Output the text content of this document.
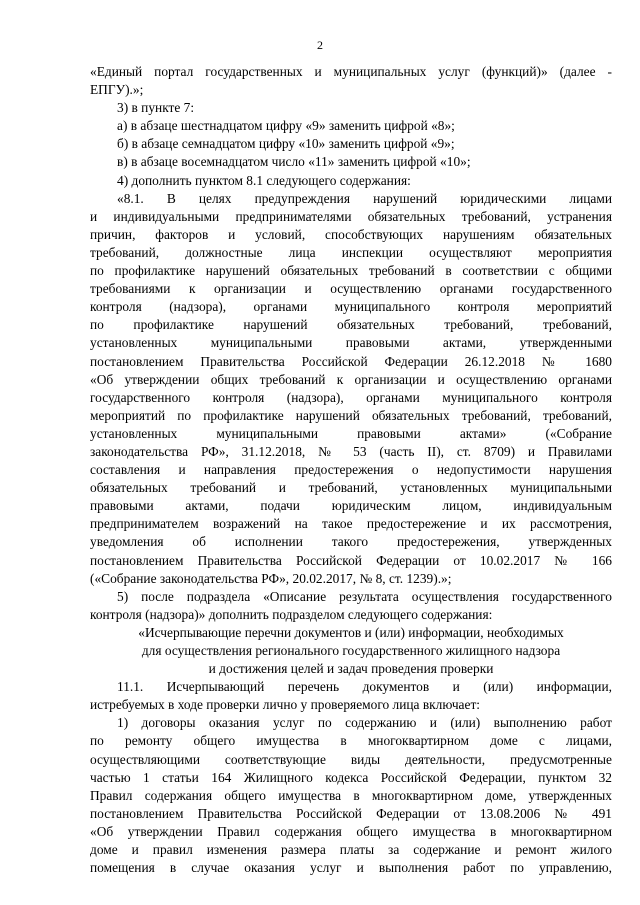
2
«Единый портал государственных и муниципальных услуг (функций)» (далее -
ЕПГУ).»;
3) в пункте 7:
а) в абзаце шестнадцатом цифру «9» заменить цифрой «8»;
б) в абзаце семнадцатом цифру «10» заменить цифрой «9»;
в) в абзаце восемнадцатом число «11» заменить цифрой «10»;
4) дополнить пунктом 8.1 следующего содержания:
«8.1. В целях предупреждения нарушений юридическими лицами
и индивидуальными предпринимателями обязательных требований, устранения
причин, факторов и условий, способствующих нарушениям обязательных
требований, должностные лица инспекции осуществляют мероприятия
по профилактике нарушений обязательных требований в соответствии с общими
требованиями к организации и осуществлению органами государственного
контроля (надзора), органами муниципального контроля мероприятий
по профилактике нарушений обязательных требований, требований,
установленных муниципальными правовыми актами, утвержденными
постановлением Правительства Российской Федерации 26.12.2018 № 1680
«Об утверждении общих требований к организации и осуществлению органами
государственного контроля (надзора), органами муниципального контроля
мероприятий по профилактике нарушений обязательных требований, требований,
установленных муниципальными правовыми актами» («Собрание
законодательства РФ», 31.12.2018, № 53 (часть II), ст. 8709) и Правилами
составления и направления предостережения о недопустимости нарушения
обязательных требований и требований, установленных муниципальными
правовыми актами, подачи юридическим лицом, индивидуальным
предпринимателем возражений на такое предостережение и их рассмотрения,
уведомления об исполнении такого предостережения, утвержденных
постановлением Правительства Российской Федерации от 10.02.2017 № 166
(«Собрание законодательства РФ», 20.02.2017, № 8, ст. 1239).»;
5) после подраздела «Описание результата осуществления государственного
контроля (надзора)» дополнить подразделом следующего содержания:
«Исчерпывающие перечни документов и (или) информации, необходимых
для осуществления регионального государственного жилищного надзора
и достижения целей и задач проведения проверки
11.1. Исчерпывающий перечень документов и (или) информации,
истребуемых в ходе проверки лично у проверяемого лица включает:
1) договоры оказания услуг по содержанию и (или) выполнению работ
по ремонту общего имущества в многоквартирном доме с лицами,
осуществляющими соответствующие виды деятельности, предусмотренные
частью 1 статьи 164 Жилищного кодекса Российской Федерации, пунктом 32
Правил содержания общего имущества в многоквартирном доме, утвержденных
постановлением Правительства Российской Федерации от 13.08.2006 № 491
«Об утверждении Правил содержания общего имущества в многоквартирном
доме и правил изменения размера платы за содержание и ремонт жилого
помещения в случае оказания услуг и выполнения работ по управлению,
